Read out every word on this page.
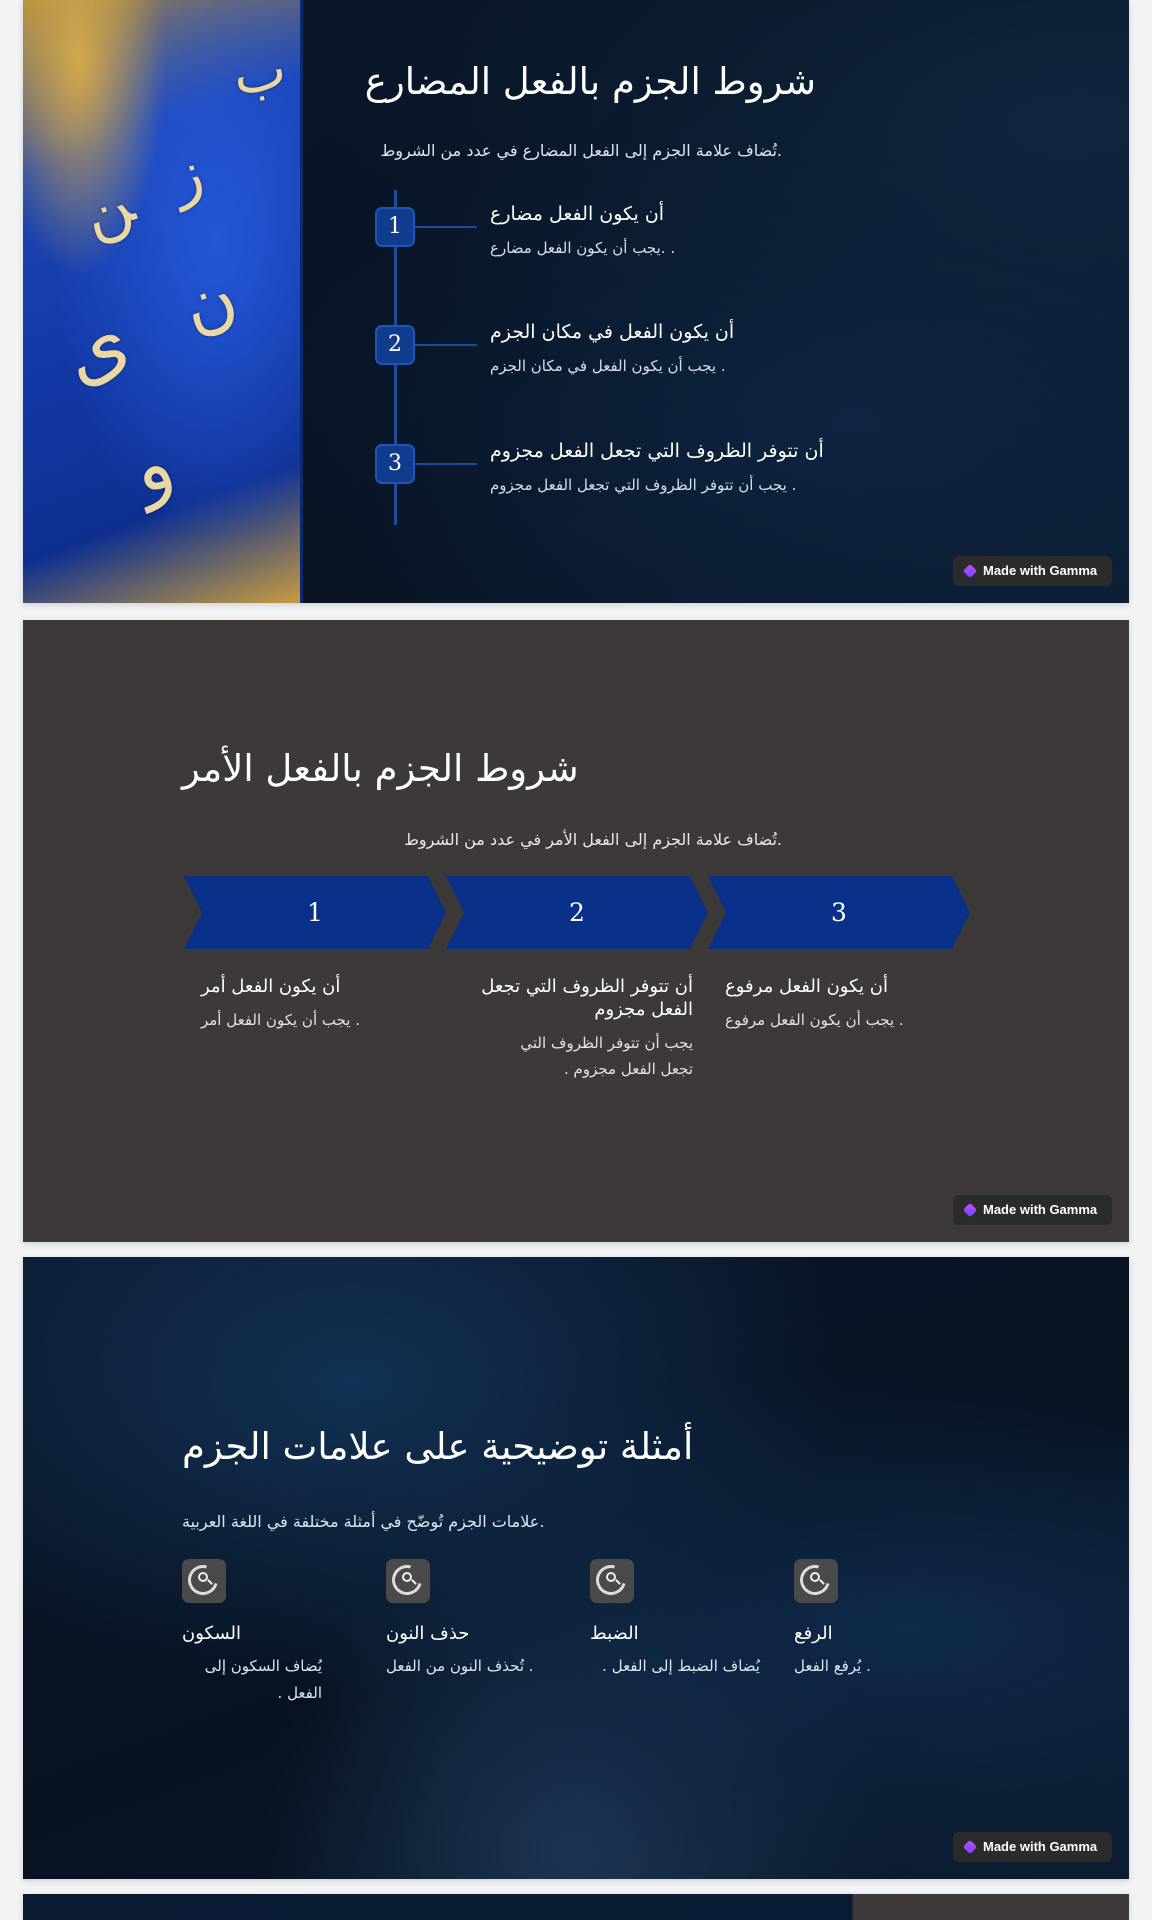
ﻦ ﺯ
ﻯ ﻥ
ﻭ
ﺏ	شروط الجزم بالفعل المضارع
.تُضاف علامة الجزم إلى الفعل المضارع في عدد من الشروط
1	أن يكون الفعل مضارع
. .يجب أن يكون الفعل مضارع
2	أن يكون الفعل في مكان الجزم
. يجب أن يكون الفعل في مكان الجزم
3	أن تتوفر الظروف التي تجعل الفعل مجزوم
. يجب أن تتوفر الظروف التي تجعل الفعل مجزوم
Made with Gamma
شروط الجزم بالفعل الأمر
.تُضاف علامة الجزم إلى الفعل الأمر في عدد من الشروط
1	2	3
أن يكون الفعل أمر
. يجب أن يكون الفعل أمر
أن تتوفر الظروف التي تجعل الفعل مجزوم
يجب أن تتوفر الظروف التي تجعل الفعل مجزوم .
أن يكون الفعل مرفوع
. يجب أن يكون الفعل مرفوع
Made with Gamma
أمثلة توضيحية على علامات الجزم
.علامات الجزم تُوضّح في أمثلة مختلفة في اللغة العربية
السكون
يُضاف السكون إلى الفعل .
حذف النون
. تُحذف النون من الفعل
الضبط
يُضاف الضبط إلى الفعل .
الرفع
. يُرفع الفعل
Made with Gamma
